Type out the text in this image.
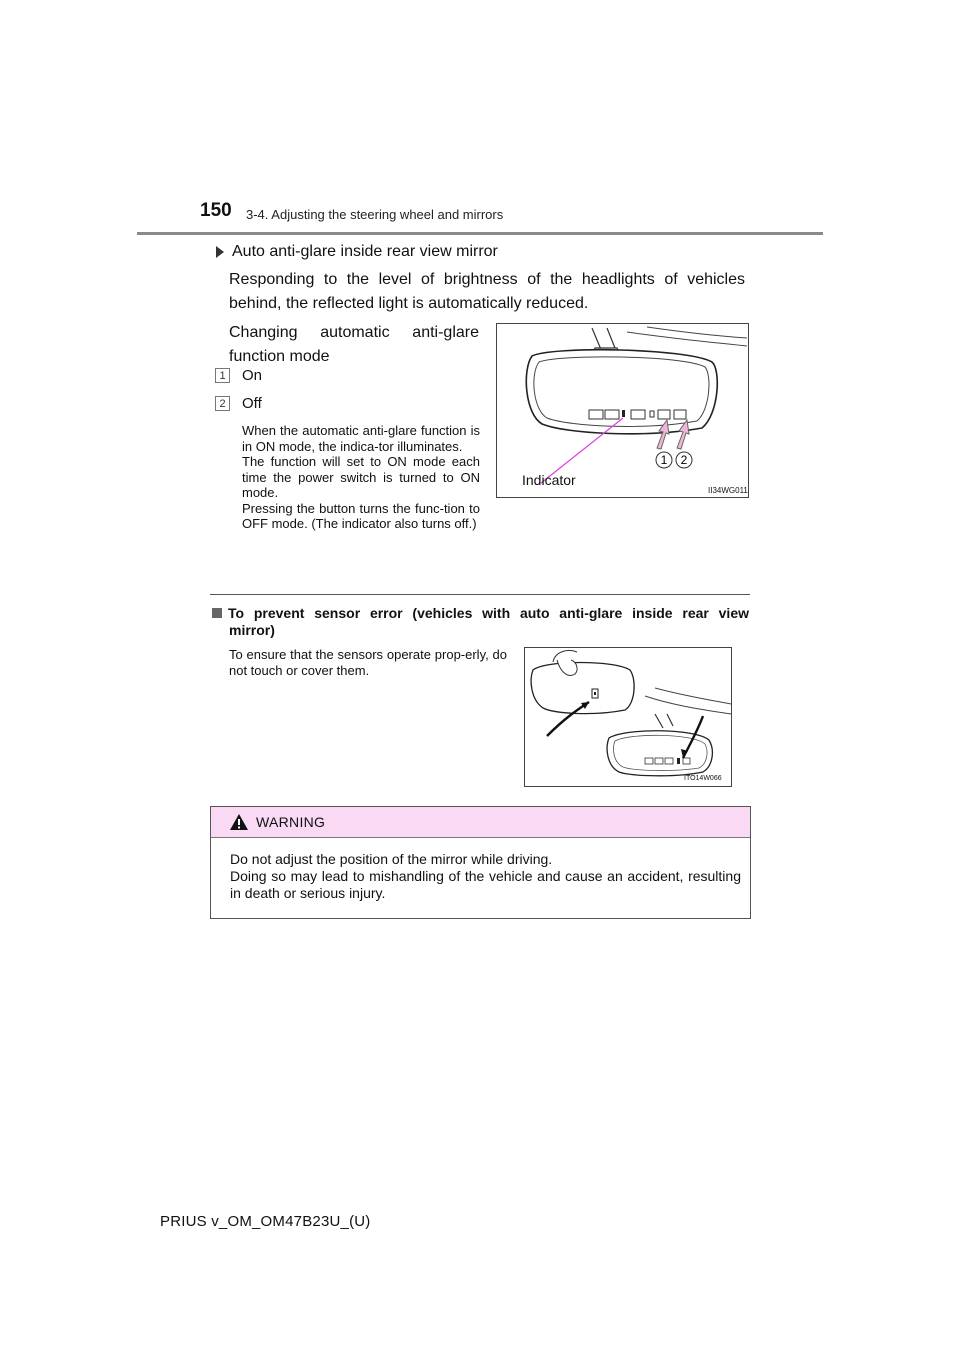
150 3-4. Adjusting the steering wheel and mirrors
Auto anti-glare inside rear view mirror
Responding to the level of brightness of the headlights of vehicles behind, the reflected light is automatically reduced.
Changing automatic anti-glare function mode
1 On
2 Off

When the automatic anti-glare function is in ON mode, the indica-tor illuminates.

The function will set to ON mode each time the power switch is turned to ON mode.

Pressing the button turns the func-tion to OFF mode. (The indicator also turns off.)

1 2
Indicator
II34WG011
To prevent sensor error (vehicles with auto anti-glare inside rear view
mirror)
To ensure that the sensors operate prop-erly, do not touch or cover them.
ITO14W066
WARNING

Do not adjust the position of the mirror while driving.

Doing so may lead to mishandling of the vehicle and cause an accident, resulting in death or serious injury.

PRIUS v_OM_OM47B23U_(U)
